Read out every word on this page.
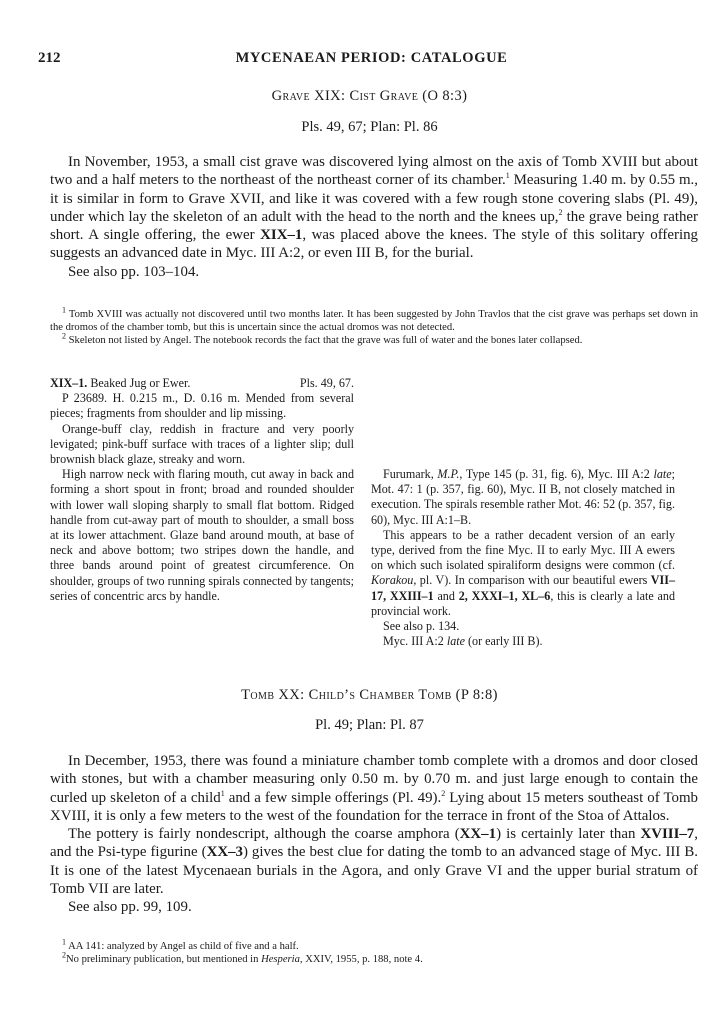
212	MYCENAEAN PERIOD: CATALOGUE
Grave XIX: Cist Grave (O 8:3)
Pls. 49, 67; Plan: Pl. 86

In November, 1953, a small cist grave was discovered lying almost on the axis of Tomb XVIII but about two and a half meters to the northeast of the northeast corner of its chamber.$^1$ Measuring 1.40 m. by 0.55 m., it is similar in form to Grave XVII, and like it was covered with a few rough stone covering slabs (Pl. 49), under which lay the skeleton of an adult with the head to the north and the knees up,$^2$ the grave being rather short. A single offering, the ewer XIX–1, was placed above the knees. The style of this solitary offering suggests an advanced date in Myc. III A:2, or even III B, for the burial.

See also pp. 103–104.

$^1$ Tomb XVIII was actually not discovered until two months later. It has been suggested by John Travlos that the cist grave was perhaps set down in the dromos of the chamber tomb, but this is uncertain since the actual dromos was not detected.

$^2$ Skeleton not listed by Angel. The notebook records the fact that the grave was full of water and the bones later collapsed.

XIX–1. Beaked Jug or Ewer.	Pls. 49, 67.

P 23689. H. 0.215 m., D. 0.16 m. Mended from several pieces; fragments from shoulder and lip missing.

Orange-buff clay, reddish in fracture and very poorly levigated; pink-buff surface with traces of a lighter slip; dull brownish black glaze, streaky and worn.

High narrow neck with flaring mouth, cut away in back and forming a short spout in front; broad and rounded shoulder with lower wall sloping sharply to small flat bottom. Ridged handle from cut-away part of mouth to shoulder, a small boss at its lower attachment. Glaze band around mouth, at base of neck and above bottom; two stripes down the handle, and three bands around point of greatest circumference. On shoulder, groups of two running spirals connected by tangents; series of concentric arcs by handle.

Furumark, M.P., Type 145 (p. 31, fig. 6), Myc. III A:2 late; Mot. 47: 1 (p. 357, fig. 60), Myc. II B, not closely matched in execution. The spirals resemble rather Mot. 46: 52 (p. 357, fig. 60), Myc. III A:1–B.

This appears to be a rather decadent version of an early type, derived from the fine Myc. II to early Myc. III A ewers on which such isolated spiraliform designs were common (cf. Korakou, pl. V). In comparison with our beautiful ewers VII–17, XXIII–1 and 2, XXXI–1, XL–6, this is clearly a late and provincial work.

See also p. 134.

Myc. III A:2 late (or early III B).

Tomb XX: Child’s Chamber Tomb (P 8:8)
Pl. 49; Plan: Pl. 87

In December, 1953, there was found a miniature chamber tomb complete with a dromos and door closed with stones, but with a chamber measuring only 0.50 m. by 0.70 m. and just large enough to contain the curled up skeleton of a child$^1$ and a few simple offerings (Pl. 49).$^2$ Lying about 15 meters southeast of Tomb XVIII, it is only a few meters to the west of the foundation for the terrace in front of the Stoa of Attalos.

The pottery is fairly nondescript, although the coarse amphora (XX–1) is certainly later than XVIII–7, and the Psi-type figurine (XX–3) gives the best clue for dating the tomb to an advanced stage of Myc. III B. It is one of the latest Mycenaean burials in the Agora, and only Grave VI and the upper burial stratum of Tomb VII are later.

See also pp. 99, 109.

$^1$ AA 141: analyzed by Angel as child of five and a half.

$^2$No preliminary publication, but mentioned in Hesperia, XXIV, 1955, p. 188, note 4.
